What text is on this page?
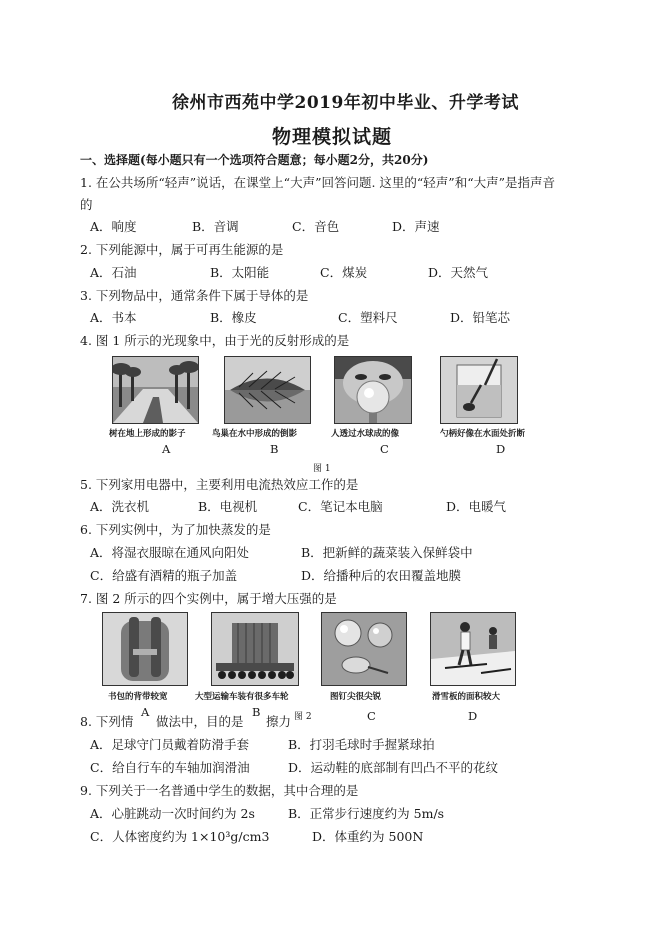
徐州市西苑中学2019年初中毕业、升学考试
物理模拟试题
一、选择题(每小题只有一个选项符合题意；每小题2分，共20分)
1. 在公共场所“轻声”说话，在课堂上“大声”回答问题. 这里的“轻声”和“大声”是指声音
的
A．响度	B．音调	C．音色	D．声速
2. 下列能源中，属于可再生能源的是
A．石油	B．太阳能	C．煤炭	D．天然气
3. 下列物品中，通常条件下属于导体的是
A．书本	B．橡皮	C．塑料尺	D．铅笔芯
4. 图 1 所示的光现象中，由于光的反射形成的是
树在地上形成的影子	鸟巢在水中形成的倒影	人透过水球成的像	勺柄好像在水面处折断
A	B	C	D
图 1
5. 下列家用电器中，主要利用电流热效应工作的是
A．洗衣机	B．电视机	C．笔记本电脑	D．电暖气
6. 下列实例中，为了加快蒸发的是
A．将湿衣服晾在通风向阳处	B．把新鲜的蔬菜装入保鲜袋中
C．给盛有酒精的瓶子加盖	D．给播种后的农田覆盖地膜
7. 图 2 所示的四个实例中，属于增大压强的是
书包的背带较宽	大型运输车装有很多车轮	图钉尖很尖锐	滑雪板的面积较大
8. 下列情
A
做法中，目的是
B
擦力 图 2	C	D
A．足球守门员戴着防滑手套	B．打羽毛球时手握紧球拍
C．给自行车的车轴加润滑油	D．运动鞋的底部制有凹凸不平的花纹
9. 下列关于一名普通中学生的数据，其中合理的是
A．心脏跳动一次时间约为 2s	B．正常步行速度约为 5m/s
C．人体密度约为 1×10³g/cm3	D．体重约为 500N
